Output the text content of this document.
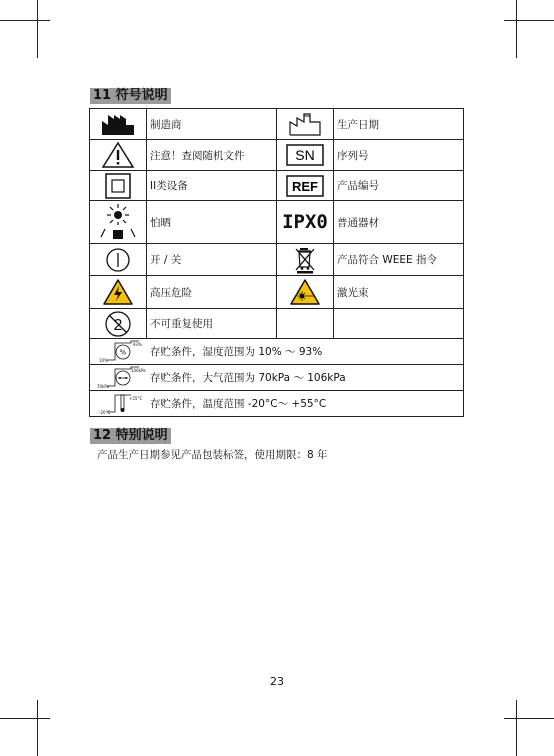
11 符号说明
	制造商		生产日期

	注意！查阅随机文件	SN	序列号

	II类设备	REF	产品编号

	怕晒	IPX0	普通器材

	开 / 关		产品符合 WEEE 指令

	高压危险		激光束

2	不可重复使用		

%
93%
10%
存贮条件，湿度范围为 10% ～ 93%			

106kPa
70kPa
存贮条件，大气范围为 70kPa ～ 106kPa			

+55°C
-20°C
存贮条件，温度范围 -20°C～ +55°C			
12 特别说明
产品生产日期参见产品包装标签，使用期限：8 年
23
